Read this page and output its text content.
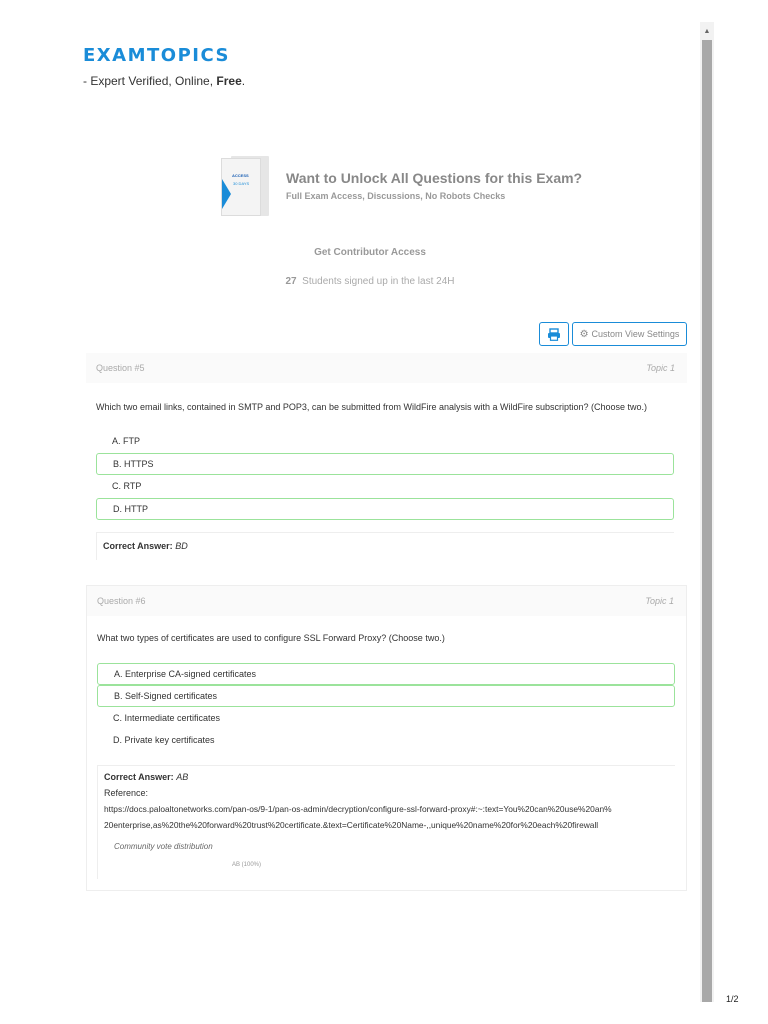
EXAMTOPICS
- Expert Verified, Online, Free.
ACCESS
30 DAYS	Want to Unlock All Questions for this Exam?
Full Exam Access, Discussions, No Robots Checks
Get Contributor Access
27 Students signed up in the last 24H
⚙ Custom View Settings
Question #5	Topic 1
Which two email links, contained in SMTP and POP3, can be submitted from WildFire analysis with a WildFire subscription? (Choose two.)
A. FTP
B. HTTPS
C. RTP
D. HTTP
Correct Answer: BD
Question #6	Topic 1
What two types of certificates are used to configure SSL Forward Proxy? (Choose two.)
A. Enterprise CA-signed certificates
B. Self-Signed certificates
C. Intermediate certificates
D. Private key certificates
Correct Answer: AB
Reference:
https://docs.paloaltonetworks.com/pan-os/9-1/pan-os-admin/decryption/configure-ssl-forward-proxy#:~:text=You%20can%20use%20an%
20enterprise,as%20the%20forward%20trust%20certificate.&text=Certificate%20Name-,,unique%20name%20for%20each%20firewall
Community vote distribution
AB (100%)
▲
1/2
